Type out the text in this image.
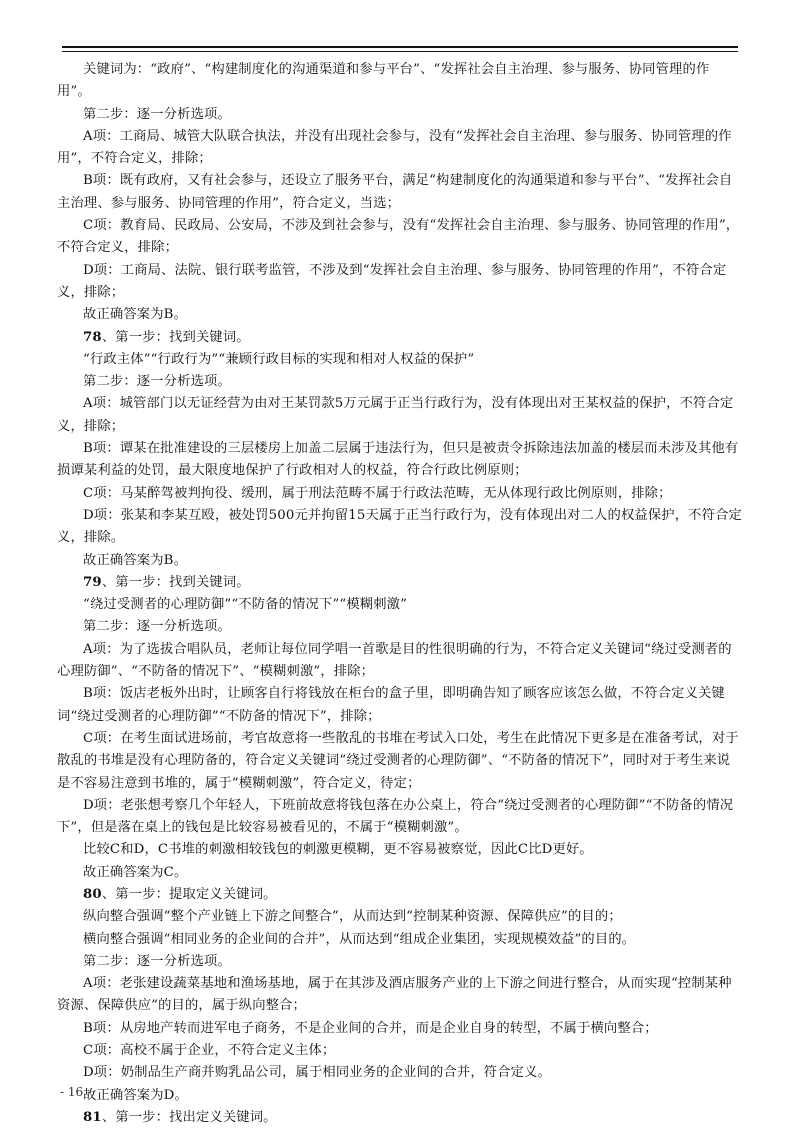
关键词为：“政府”、“构建制度化的沟通渠道和参与平台”、“发挥社会自主治理、参与服务、协同管理的作用”。

第二步：逐一分析选项。

A项：工商局、城管大队联合执法，并没有出现社会参与，没有“发挥社会自主治理、参与服务、协同管理的作用”，不符合定义，排除；

B项：既有政府，又有社会参与，还设立了服务平台，满足“构建制度化的沟通渠道和参与平台”、“发挥社会自主治理、参与服务、协同管理的作用”，符合定义，当选；

C项：教育局、民政局、公安局，不涉及到社会参与，没有“发挥社会自主治理、参与服务、协同管理的作用”，不符合定义，排除；

D项：工商局、法院、银行联考监管，不涉及到“发挥社会自主治理、参与服务、协同管理的作用”，不符合定义，排除；

故正确答案为B。

78、第一步：找到关键词。

“行政主体”“行政行为”“兼顾行政目标的实现和相对人权益的保护”

第二步：逐一分析选项。

A项：城管部门以无证经营为由对王某罚款5万元属于正当行政行为，没有体现出对王某权益的保护，不符合定义，排除；

B项：谭某在批准建设的三层楼房上加盖二层属于违法行为，但只是被责令拆除违法加盖的楼层而未涉及其他有损谭某利益的处罚，最大限度地保护了行政相对人的权益，符合行政比例原则；

C项：马某醉驾被判拘役、缓刑，属于刑法范畴不属于行政法范畴，无从体现行政比例原则，排除；

D项：张某和李某互殴，被处罚500元并拘留15天属于正当行政行为，没有体现出对二人的权益保护，不符合定义，排除。

故正确答案为B。

79、第一步：找到关键词。

“绕过受测者的心理防御”“不防备的情况下”“模糊刺激”

第二步：逐一分析选项。

A项：为了选拔合唱队员，老师让每位同学唱一首歌是目的性很明确的行为，不符合定义关键词“绕过受测者的心理防御”、“不防备的情况下”、“模糊刺激”，排除；

B项：饭店老板外出时，让顾客自行将钱放在柜台的盒子里，即明确告知了顾客应该怎么做，不符合定义关键词“绕过受测者的心理防御”“不防备的情况下”，排除；

C项：在考生面试进场前，考官故意将一些散乱的书堆在考试入口处，考生在此情况下更多是在准备考试，对于散乱的书堆是没有心理防备的，符合定义关键词“绕过受测者的心理防御”、“不防备的情况下”，同时对于考生来说是不容易注意到书堆的，属于“模糊刺激”，符合定义，待定；

D项：老张想考察几个年轻人，下班前故意将钱包落在办公桌上，符合“绕过受测者的心理防御”“不防备的情况下”，但是落在桌上的钱包是比较容易被看见的，不属于“模糊刺激”。

比较C和D，C书堆的刺激相较钱包的刺激更模糊，更不容易被察觉，因此C比D更好。

故正确答案为C。

80、第一步：提取定义关键词。

纵向整合强调“整个产业链上下游之间整合”，从而达到“控制某种资源、保障供应”的目的；

横向整合强调“相同业务的企业间的合并”，从而达到“组成企业集团，实现规模效益”的目的。

第二步：逐一分析选项。

A项：老张建设蔬菜基地和渔场基地，属于在其涉及酒店服务产业的上下游之间进行整合，从而实现“控制某种资源、保障供应”的目的，属于纵向整合；

B项：从房地产转而进军电子商务，不是企业间的合并，而是企业自身的转型，不属于横向整合；

C项：高校不属于企业，不符合定义主体；

D项：奶制品生产商并购乳品公司，属于相同业务的企业间的合并，符合定义。

故正确答案为D。

81、第一步：找出定义关键词。

- 16 -
